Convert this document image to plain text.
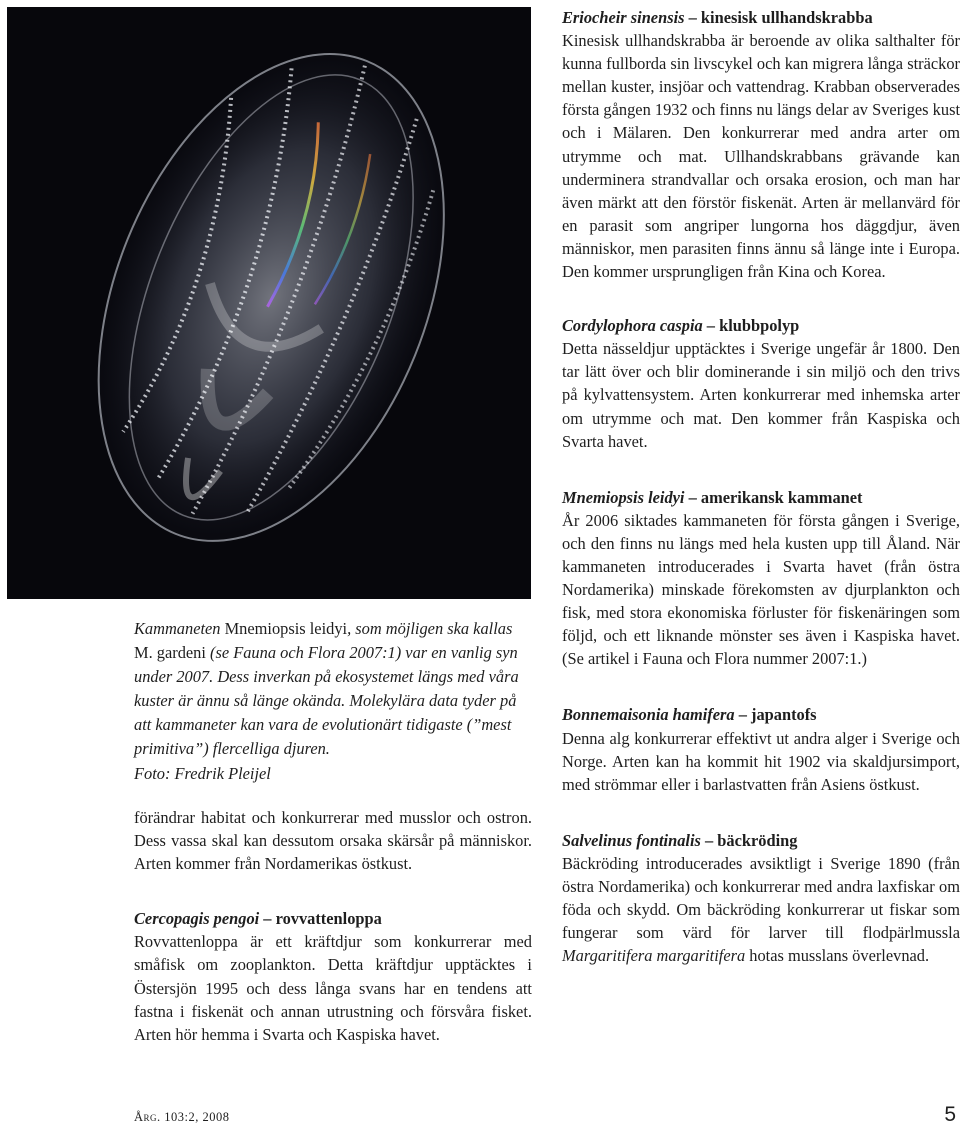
Kammaneten Mnemiopsis leidyi, som möjligen ska kallas M. gardeni (se Fauna och Flora 2007:1) var en vanlig syn under 2007. Dess inverkan på ekosystemet längs med våra kuster är ännu så länge okända. Molekylära data tyder på att kammaneter kan vara de evolutionärt tidigaste (”mest primitiva”) flercelliga djuren.
Foto: Fredrik Pleijel

förändrar habitat och konkurrerar med musslor och ostron. Dess vassa skal kan dessutom orsaka skärsår på människor. Arten kommer från Nordamerikas östkust.

Cercopagis pengoi – rovvattenloppa

Rovvattenloppa är ett kräftdjur som konkurrerar med småfisk om zooplankton. Detta kräftdjur upptäcktes i Östersjön 1995 och dess långa svans har en tendens att fastna i fiskenät och annan utrustning och försvåra fisket. Arten hör hemma i Svarta och Kaspiska havet.

Eriocheir sinensis – kinesisk ullhandskrabba

Kinesisk ullhandskrabba är beroende av olika salthalter för kunna fullborda sin livscykel och kan migrera långa sträckor mellan kuster, insjöar och vattendrag. Krabban observerades första gången 1932 och finns nu längs delar av Sveriges kust och i Mälaren. Den konkurrerar med andra arter om utrymme och mat. Ullhandskrabbans grävande kan underminera strandvallar och orsaka erosion, och man har även märkt att den förstör fiskenät. Arten är mellanvärd för en parasit som angriper lungorna hos däggdjur, även människor, men parasiten finns ännu så länge inte i Europa. Den kommer ursprungligen från Kina och Korea.

Cordylophora caspia – klubbpolyp

Detta nässeldjur upptäcktes i Sverige ungefär år 1800. Den tar lätt över och blir dominerande i sin miljö och den trivs på kylvattensystem. Arten konkurrerar med inhemska arter om utrymme och mat. Den kommer från Kaspiska och Svarta havet.

Mnemiopsis leidyi – amerikansk kammanet

År 2006 siktades kammaneten för första gången i Sverige, och den finns nu längs med hela kusten upp till Åland. När kammaneten introducerades i Svarta havet (från östra Nordamerika) minskade förekomsten av djurplankton och fisk, med stora ekonomiska förluster för fiskenäringen som följd, och ett liknande mönster ses även i Kaspiska havet. (Se artikel i Fauna och Flora nummer 2007:1.)

Bonnemaisonia hamifera – japantofs

Denna alg konkurrerar effektivt ut andra alger i Sverige och Norge. Arten kan ha kommit hit 1902 via skaldjursimport, med strömmar eller i barlastvatten från Asiens östkust.

Salvelinus fontinalis – bäckröding

Bäckröding introducerades avsiktligt i Sverige 1890 (från östra Nordamerika) och konkurrerar med andra laxfiskar om föda och skydd. Om bäckröding konkurrerar ut fiskar som fungerar som värd för larver till flodpärlmussla Margaritifera margaritifera hotas musslans överlevnad.

Årg. 103:2, 2008	5
